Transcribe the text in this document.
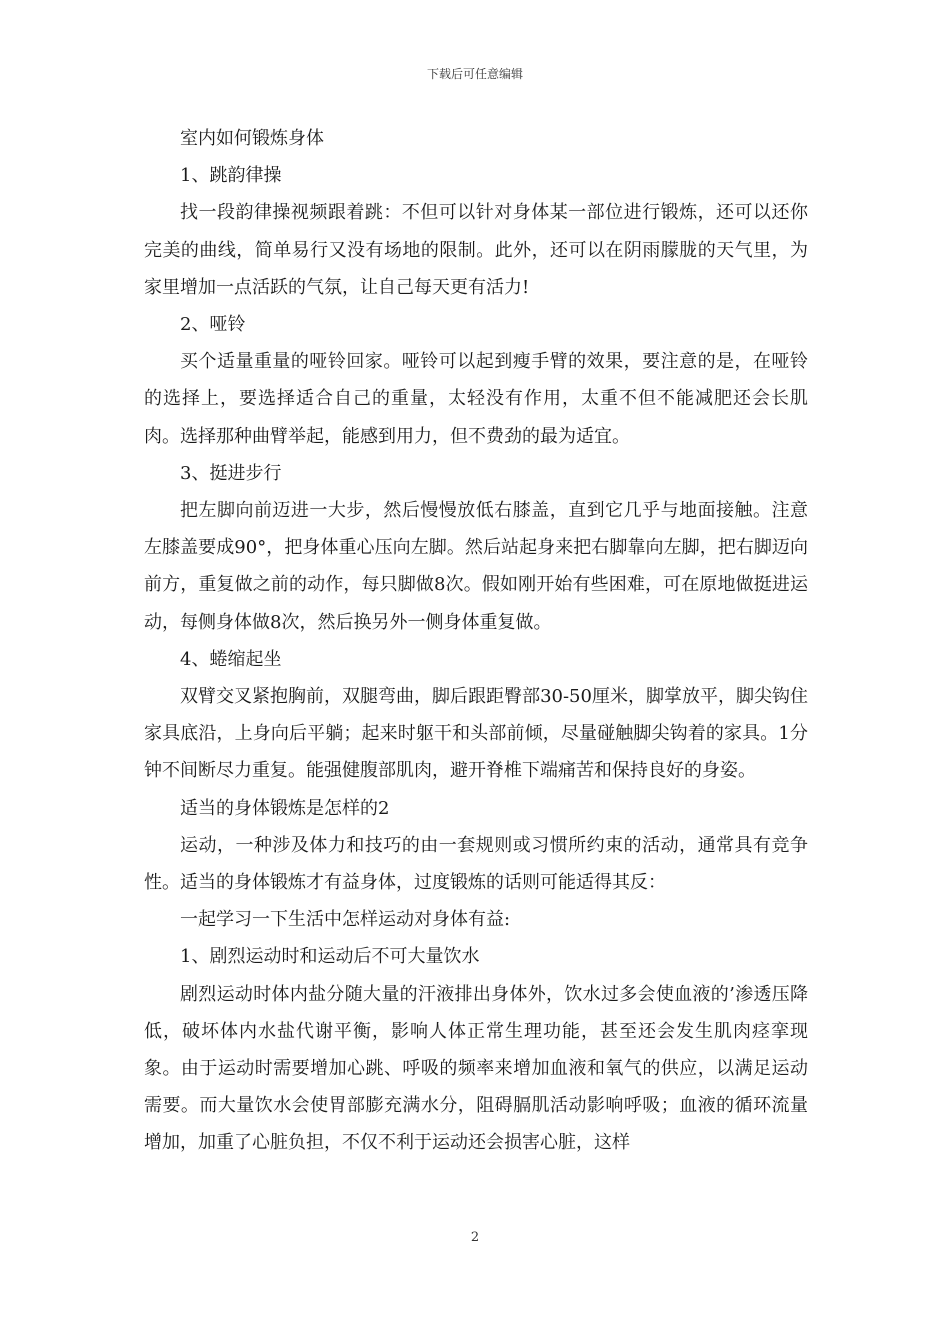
下载后可任意编辑

室内如何锻炼身体

1、跳韵律操

找一段韵律操视频跟着跳：不但可以针对身体某一部位进行锻炼，还可以还你完美的曲线，简单易行又没有场地的限制。此外，还可以在阴雨朦胧的天气里，为家里增加一点活跃的气氛，让自己每天更有活力!

2、哑铃

买个适量重量的哑铃回家。哑铃可以起到瘦手臂的效果，要注意的是，在哑铃的选择上，要选择适合自己的重量，太轻没有作用，太重不但不能减肥还会长肌肉。选择那种曲臂举起，能感到用力，但不费劲的最为适宜。

3、挺进步行

把左脚向前迈进一大步，然后慢慢放低右膝盖，直到它几乎与地面接触。注意左膝盖要成90°，把身体重心压向左脚。然后站起身来把右脚靠向左脚，把右脚迈向前方，重复做之前的动作，每只脚做8次。假如刚开始有些困难，可在原地做挺进运动，每侧身体做8次，然后换另外一侧身体重复做。

4、蜷缩起坐

双臂交叉紧抱胸前，双腿弯曲，脚后跟距臀部30-50厘米，脚掌放平，脚尖钩住家具底沿，上身向后平躺；起来时躯干和头部前倾，尽量碰触脚尖钩着的家具。1分钟不间断尽力重复。能强健腹部肌肉，避开脊椎下端痛苦和保持良好的身姿。

适当的身体锻炼是怎样的2

运动，一种涉及体力和技巧的由一套规则或习惯所约束的活动，通常具有竞争性。适当的身体锻炼才有益身体，过度锻炼的话则可能适得其反：

一起学习一下生活中怎样运动对身体有益:

1、剧烈运动时和运动后不可大量饮水

剧烈运动时体内盐分随大量的汗液排出身体外，饮水过多会使血液的’渗透压降低，破坏体内水盐代谢平衡，影响人体正常生理功能，甚至还会发生肌肉痉挛现象。由于运动时需要增加心跳、呼吸的频率来增加血液和氧气的供应，以满足运动需要。而大量饮水会使胃部膨充满水分，阻碍膈肌活动影响呼吸；血液的循环流量增加，加重了心脏负担，不仅不利于运动还会损害心脏，这样

2
